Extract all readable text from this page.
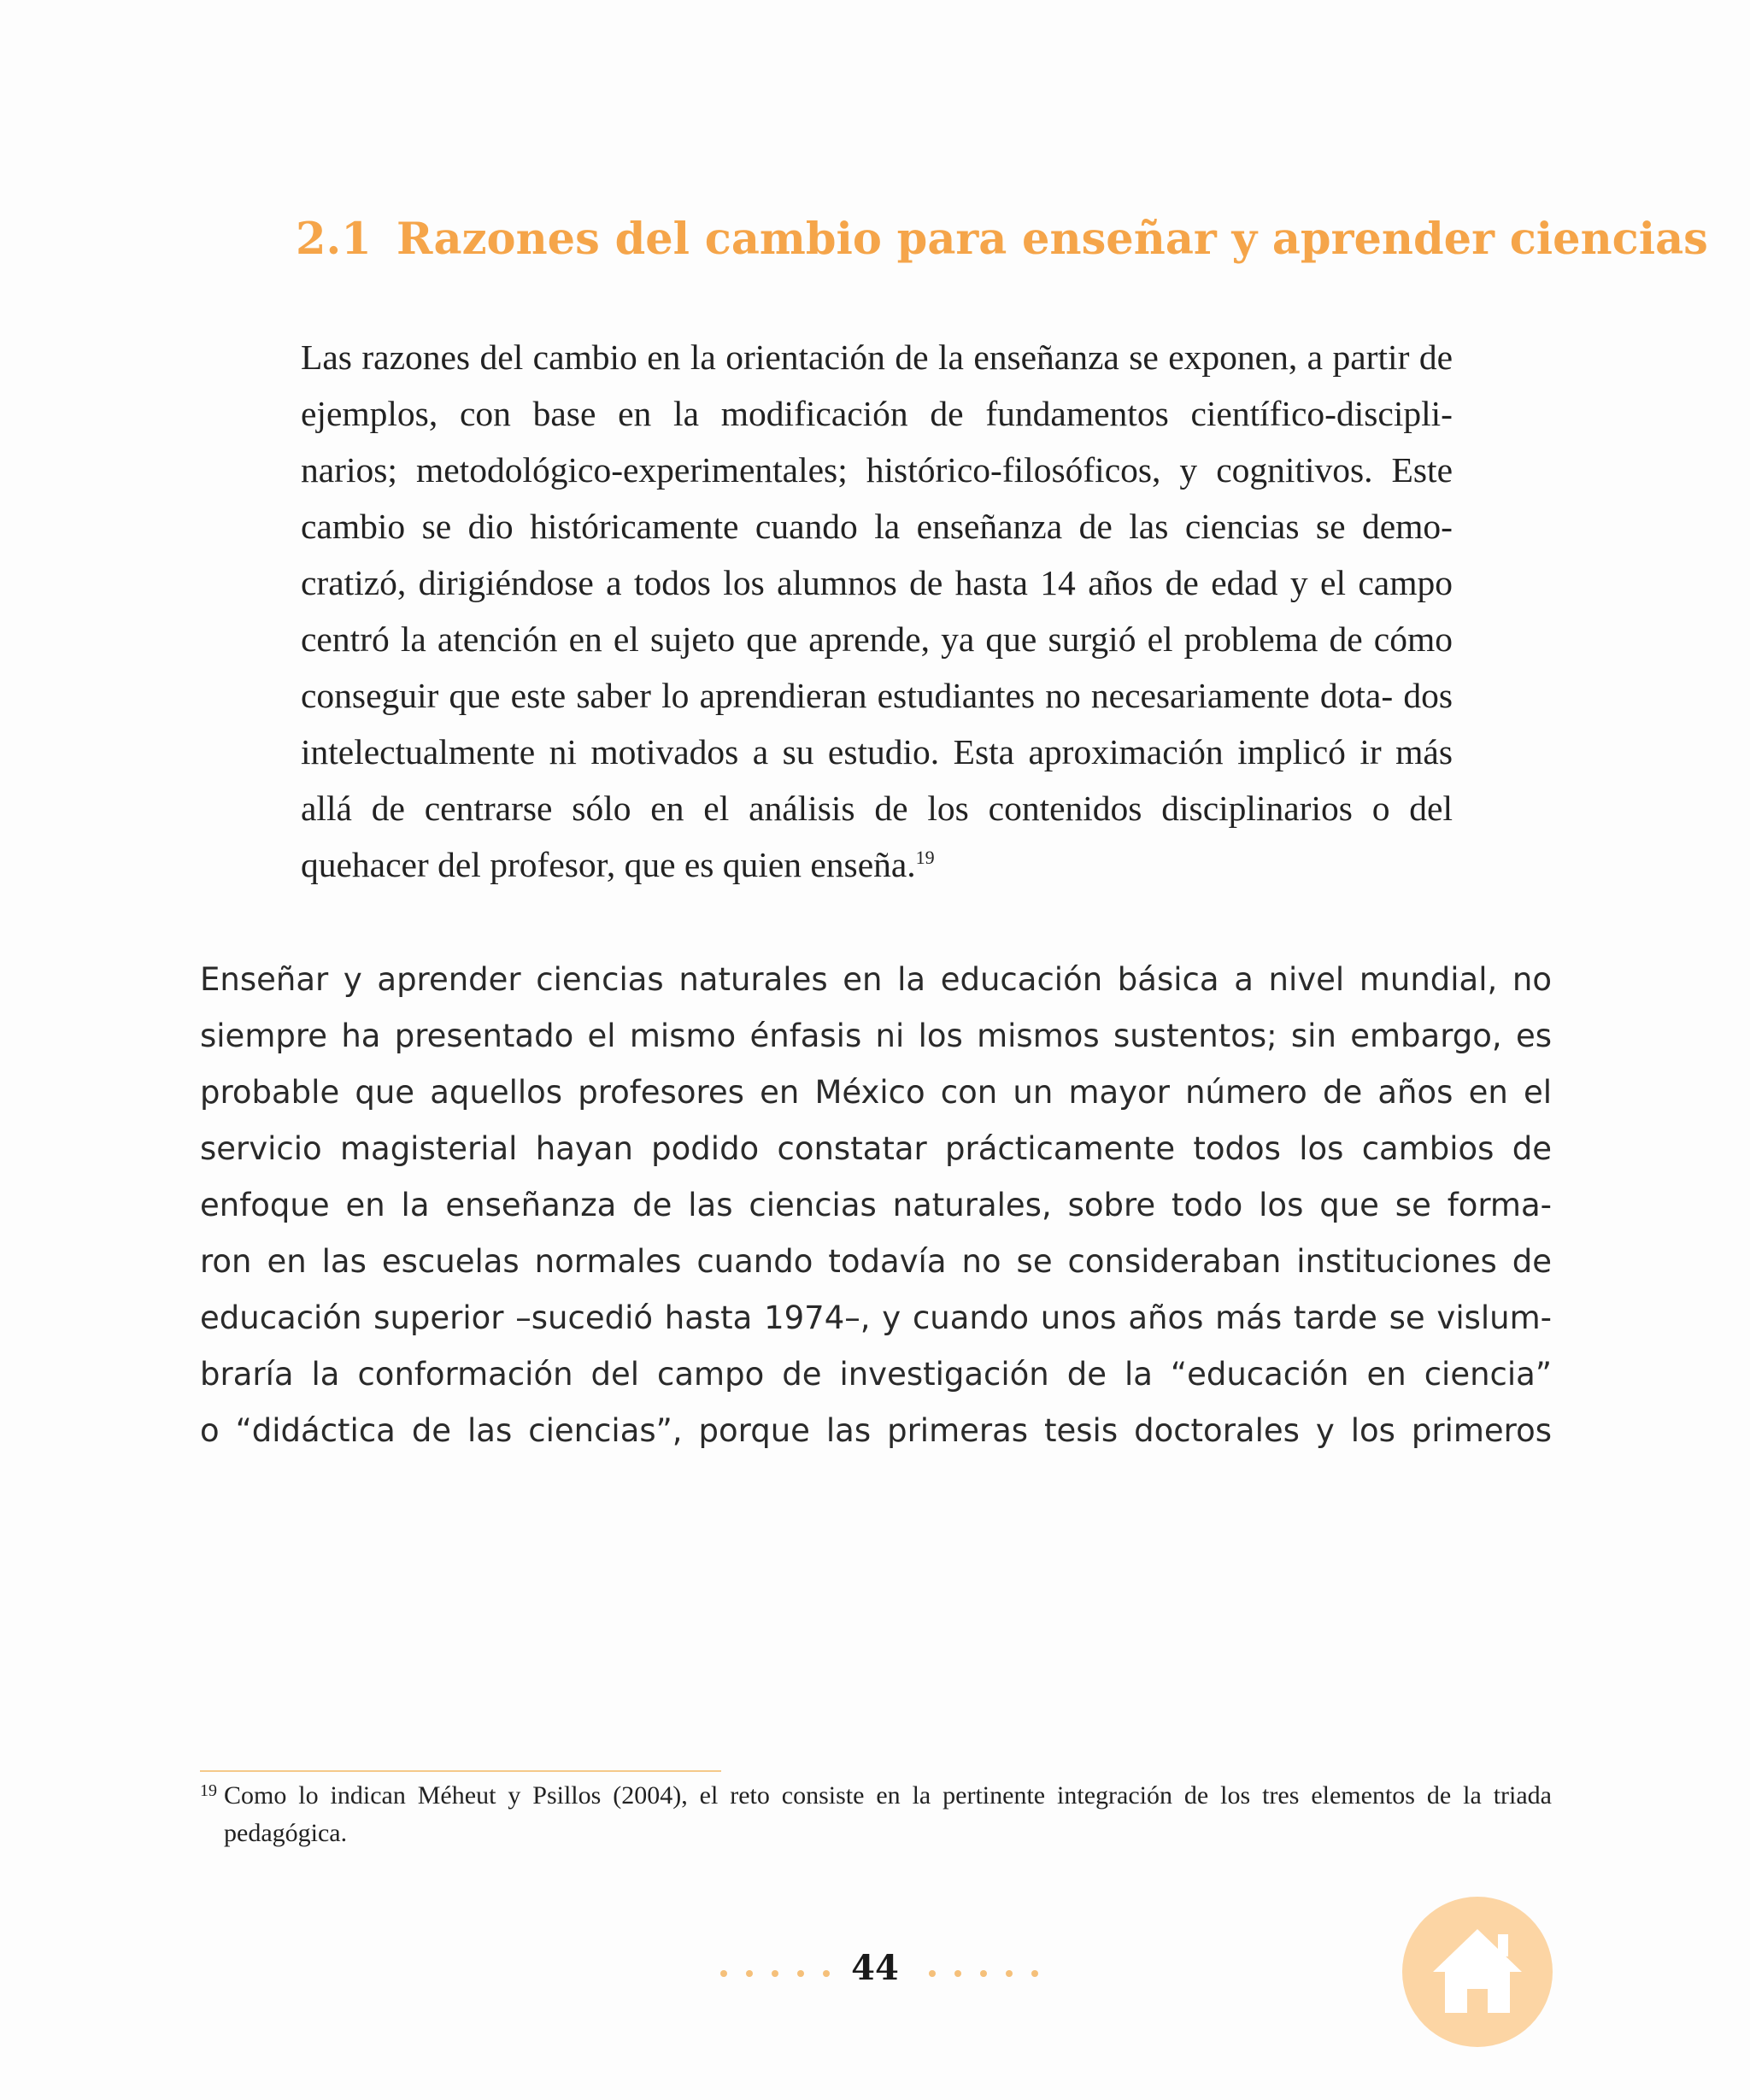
2.1 Razones del cambio para enseñar y aprender ciencias

Las razones del cambio en la orientación de la enseñanza se exponen, a partir de ejemplos, con base en la modificación de fundamentos científico-discipli- narios; metodológico-experimentales; histórico-filosóficos, y cognitivos. Este cambio se dio históricamente cuando la enseñanza de las ciencias se demo- cratizó, dirigiéndose a todos los alumnos de hasta 14 años de edad y el campo centró la atención en el sujeto que aprende, ya que surgió el problema de cómo conseguir que este saber lo aprendieran estudiantes no necesariamente dota- dos intelectualmente ni motivados a su estudio. Esta aproximación implicó ir más allá de centrarse sólo en el análisis de los contenidos disciplinarios o del quehacer del profesor, que es quien enseña.$^{19}$

Enseñar y aprender ciencias naturales en la educación básica a nivel mundial, no
siempre ha presentado el mismo énfasis ni los mismos sustentos; sin embargo, es
probable que aquellos profesores en México con un mayor número de años en el
servicio magisterial hayan podido constatar prácticamente todos los cambios de
enfoque en la enseñanza de las ciencias naturales, sobre todo los que se forma-
ron en las escuelas normales cuando todavía no se consideraban instituciones de
educación superior –sucedió hasta 1974–, y cuando unos años más tarde se vislum-
braría la conformación del campo de investigación de la “educación en ciencia”
o “didáctica de las ciencias”, porque las primeras tesis doctorales y los primeros

19 Como lo indican Méheut y Psillos (2004), el reto consiste en la pertinente integración de los tres elementos de la triada pedagógica.

44
